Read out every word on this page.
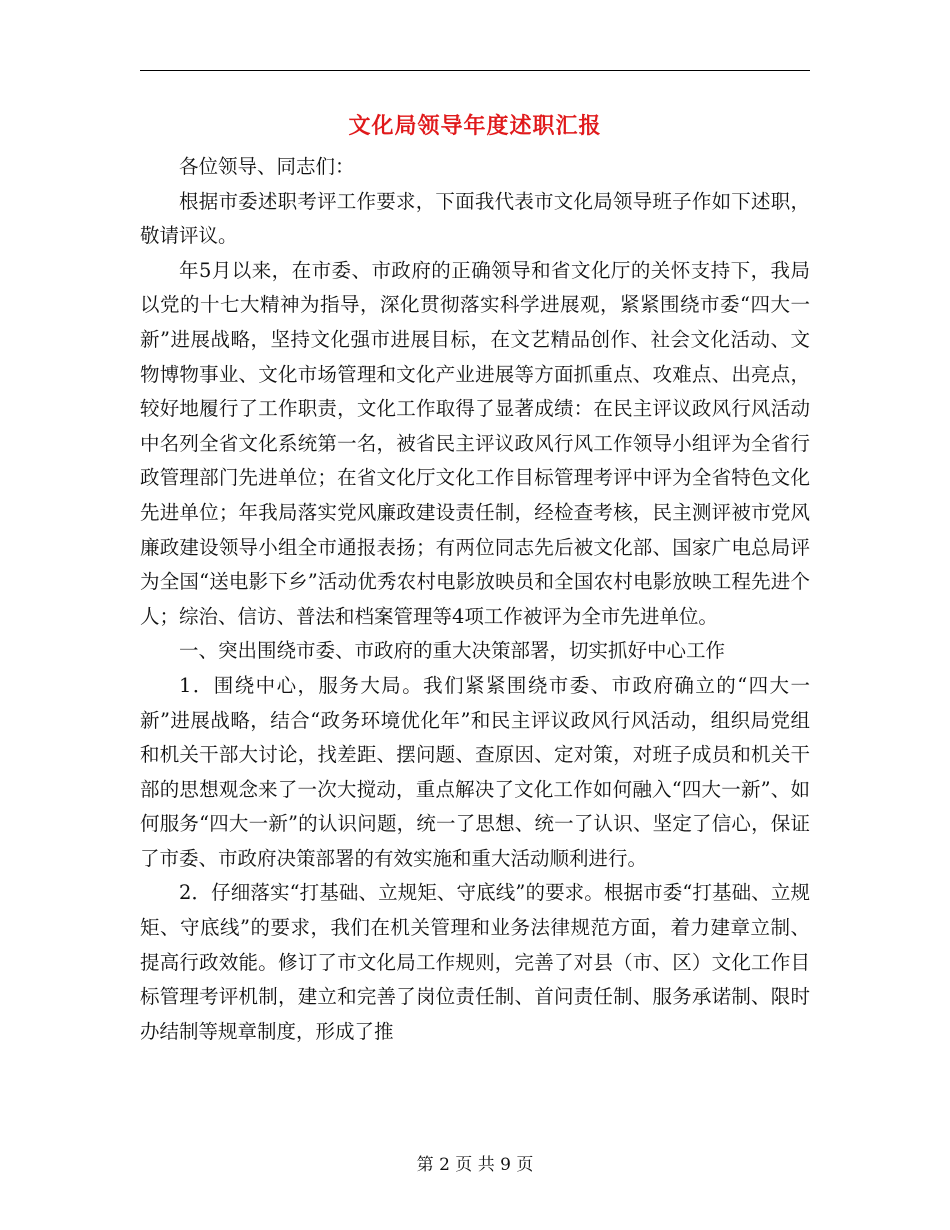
文化局领导年度述职汇报

各位领导、同志们：

根据市委述职考评工作要求，下面我代表市文化局领导班子作如下述职，敬请评议。

年5月以来，在市委、市政府的正确领导和省文化厅的关怀支持下，我局以党的十七大精神为指导，深化贯彻落实科学进展观，紧紧围绕市委“四大一新”进展战略，坚持文化强市进展目标，在文艺精品创作、社会文化活动、文物博物事业、文化市场管理和文化产业进展等方面抓重点、攻难点、出亮点，较好地履行了工作职责，文化工作取得了显著成绩：在民主评议政风行风活动中名列全省文化系统第一名，被省民主评议政风行风工作领导小组评为全省行政管理部门先进单位；在省文化厅文化工作目标管理考评中评为全省特色文化先进单位；年我局落实党风廉政建设责任制，经检查考核，民主测评被市党风廉政建设领导小组全市通报表扬；有两位同志先后被文化部、国家广电总局评为全国“送电影下乡”活动优秀农村电影放映员和全国农村电影放映工程先进个人；综治、信访、普法和档案管理等4项工作被评为全市先进单位。

一、突出围绕市委、市政府的重大决策部署，切实抓好中心工作

1．围绕中心，服务大局。我们紧紧围绕市委、市政府确立的“四大一新”进展战略，结合“政务环境优化年”和民主评议政风行风活动，组织局党组和机关干部大讨论，找差距、摆问题、查原因、定对策，对班子成员和机关干部的思想观念来了一次大搅动，重点解决了文化工作如何融入“四大一新”、如何服务“四大一新”的认识问题，统一了思想、统一了认识、坚定了信心，保证了市委、市政府决策部署的有效实施和重大活动顺利进行。

2．仔细落实“打基础、立规矩、守底线”的要求。根据市委“打基础、立规矩、守底线”的要求，我们在机关管理和业务法律规范方面，着力建章立制、提高行政效能。修订了市文化局工作规则，完善了对县（市、区）文化工作目标管理考评机制，建立和完善了岗位责任制、首问责任制、服务承诺制、限时办结制等规章制度，形成了推

第 2 页 共 9 页
